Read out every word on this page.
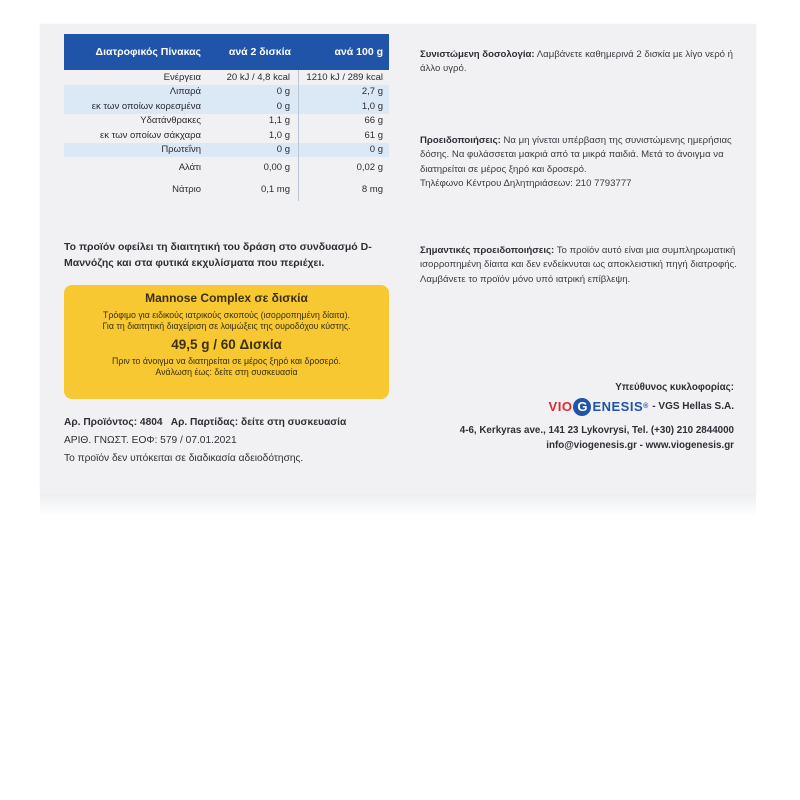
Διατροφικός Πίνακας	ανά 2 δισκία	ανά 100 g
Ενέργεια	20 kJ / 4,8 kcal	1210 kJ / 289 kcal
Λιπαρά	0 g	2,7 g
εκ των οποίων κορεσμένα	0 g	1,0 g
Υδατάνθρακες	1,1 g	66 g
εκ των οποίων σάκχαρα	1,0 g	61 g
Πρωτεΐνη	0 g	0 g
Αλάτι	0,00 g	0,02 g
Νάτριο	0,1 mg	8 mg
Το προϊόν οφείλει τη διαιτητική του δράση στο συνδυασμό D-Μαννόζης και στα φυτικά εκχυλίσματα που περιέχει.
Mannose Complex σε δισκία
Τρόφιμο για ειδικούς ιατρικούς σκοπούς (ισορροπημένη δίαιτα).
Για τη διαιτητική διαχείριση σε λοιμώξεις της ουροδόχου κύστης.
49,5 g / 60 Δισκία
Πριν το άνοιγμα να διατηρείται σε μέρος ξηρό και δροσερό.
Ανάλωση έως: δείτε στη συσκευασία
Αρ. Προϊόντος: 4804 Αρ. Παρτίδας: δείτε στη συσκευασία
ΑΡΙΘ. ΓΝΩΣΤ. ΕΟΦ: 579 / 07.01.2021
Το προϊόν δεν υπόκειται σε διαδικασία αδειοδότησης.
Συνιστώμενη δοσολογία: Λαμβάνετε καθημερινά 2 δισκία με λίγο νερό ή άλλο υγρό.
Προειδοποιήσεις: Να μη γίνεται υπέρβαση της συνιστώμενης ημερήσιας δόσης. Να φυλάσσεται μακριά από τα μικρά παιδιά. Μετά το άνοιγμα να διατηρείται σε μέρος ξηρό και δροσερό.
Τηλέφωνο Κέντρου Δηλητηριάσεων: 210 7793777
Σημαντικές προειδοποιήσεις: Το προϊόν αυτό είναι μια συμπληρωματική ισορροπημένη δίαιτα και δεν ενδείκνυται ως αποκλειστική πηγή διατροφής. Λαμβάνετε το προϊόν μόνο υπό ιατρική επίβλεψη.
Υπεύθυνος κυκλοφορίας:
VIO G ENESIS ® - VGS Hellas S.A.
4-6, Kerkyras ave., 141 23 Lykovrysi, Tel. (+30) 210 2844000
info@viogenesis.gr - www.viogenesis.gr
